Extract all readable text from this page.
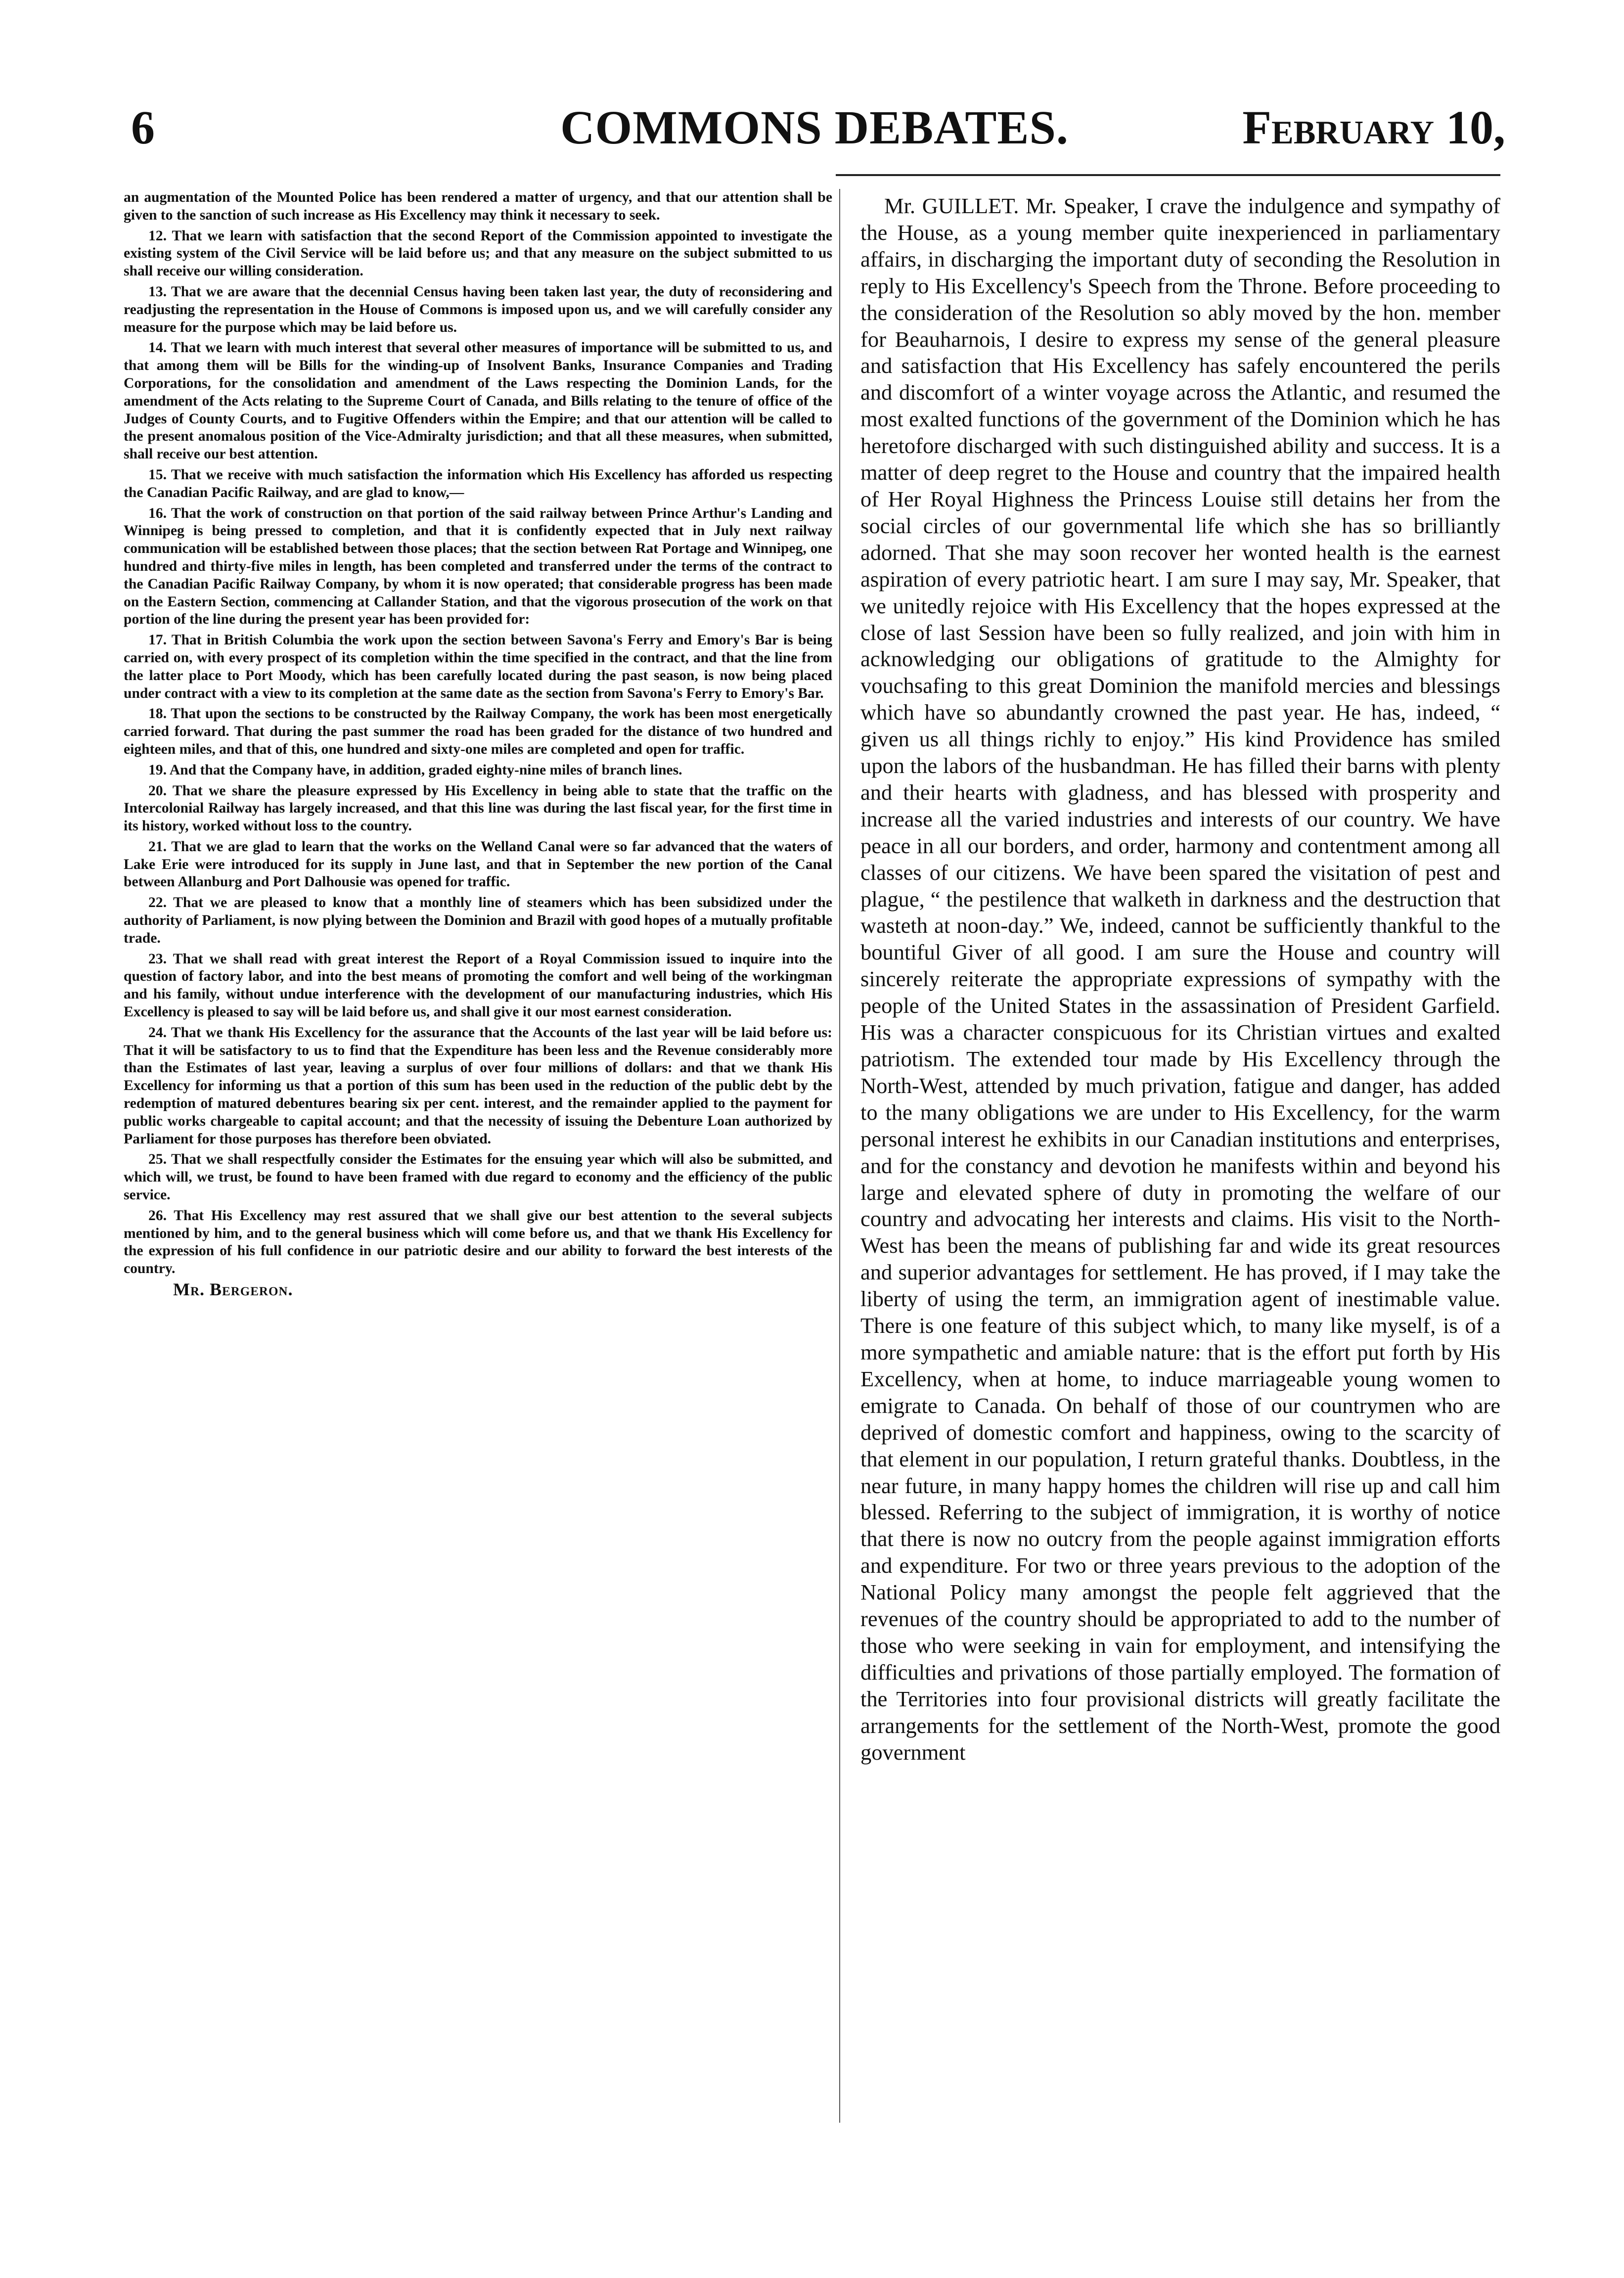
6	COMMONS DEBATES.	February 10,

an augmentation of the Mounted Police has been rendered a matter of urgency, and that our attention shall be given to the sanction of such increase as His Excellency may think it necessary to seek.

12. That we learn with satisfaction that the second Report of the Commission appointed to investigate the existing system of the Civil Service will be laid before us; and that any measure on the subject submitted to us shall receive our willing consideration.

13. That we are aware that the decennial Census having been taken last year, the duty of reconsidering and readjusting the representation in the House of Commons is imposed upon us, and we will carefully consider any measure for the purpose which may be laid before us.

14. That we learn with much interest that several other measures of importance will be submitted to us, and that among them will be Bills for the winding-up of Insolvent Banks, Insurance Companies and Trading Corporations, for the consolidation and amendment of the Laws respecting the Dominion Lands, for the amendment of the Acts relating to the Supreme Court of Canada, and Bills relating to the tenure of office of the Judges of County Courts, and to Fugitive Offenders within the Empire; and that our attention will be called to the present anomalous position of the Vice-Admiralty jurisdiction; and that all these measures, when submitted, shall receive our best attention.

15. That we receive with much satisfaction the information which His Excellency has afforded us respecting the Canadian Pacific Railway, and are glad to know,—

16. That the work of construction on that portion of the said railway between Prince Arthur's Landing and Winnipeg is being pressed to completion, and that it is confidently expected that in July next railway communication will be established between those places; that the section between Rat Portage and Winnipeg, one hundred and thirty-five miles in length, has been completed and transferred under the terms of the contract to the Canadian Pacific Railway Company, by whom it is now operated; that considerable progress has been made on the Eastern Section, commencing at Callander Station, and that the vigorous prosecution of the work on that portion of the line during the present year has been provided for:

17. That in British Columbia the work upon the section between Savona's Ferry and Emory's Bar is being carried on, with every prospect of its completion within the time specified in the contract, and that the line from the latter place to Port Moody, which has been carefully located during the past season, is now being placed under contract with a view to its completion at the same date as the section from Savona's Ferry to Emory's Bar.

18. That upon the sections to be constructed by the Railway Company, the work has been most energetically carried forward. That during the past summer the road has been graded for the distance of two hundred and eighteen miles, and that of this, one hundred and sixty-one miles are completed and open for traffic.

19. And that the Company have, in addition, graded eighty-nine miles of branch lines.

20. That we share the pleasure expressed by His Excellency in being able to state that the traffic on the Intercolonial Railway has largely increased, and that this line was during the last fiscal year, for the first time in its history, worked without loss to the country.

21. That we are glad to learn that the works on the Welland Canal were so far advanced that the waters of Lake Erie were introduced for its supply in June last, and that in September the new portion of the Canal between Allanburg and Port Dalhousie was opened for traffic.

22. That we are pleased to know that a monthly line of steamers which has been subsidized under the authority of Parliament, is now plying between the Dominion and Brazil with good hopes of a mutually profitable trade.

23. That we shall read with great interest the Report of a Royal Commission issued to inquire into the question of factory labor, and into the best means of promoting the comfort and well being of the workingman and his family, without undue interference with the development of our manufacturing industries, which His Excellency is pleased to say will be laid before us, and shall give it our most earnest consideration.

24. That we thank His Excellency for the assurance that the Accounts of the last year will be laid before us: That it will be satisfactory to us to find that the Expenditure has been less and the Revenue considerably more than the Estimates of last year, leaving a surplus of over four millions of dollars: and that we thank His Excellency for informing us that a portion of this sum has been used in the reduction of the public debt by the redemption of matured debentures bearing six per cent. interest, and the remainder applied to the payment for public works chargeable to capital account; and that the necessity of issuing the Debenture Loan authorized by Parliament for those purposes has therefore been obviated.

25. That we shall respectfully consider the Estimates for the ensuing year which will also be submitted, and which will, we trust, be found to have been framed with due regard to economy and the efficiency of the public service.

26. That His Excellency may rest assured that we shall give our best attention to the several subjects mentioned by him, and to the general business which will come before us, and that we thank His Excellency for the expression of his full confidence in our patriotic desire and our ability to forward the best interests of the country.

Mr. Bergeron.

Mr. GUILLET. Mr. Speaker, I crave the indulgence and sympathy of the House, as a young member quite inexperienced in parliamentary affairs, in discharging the important duty of seconding the Resolution in reply to His Excellency's Speech from the Throne. Before proceeding to the consideration of the Resolution so ably moved by the hon. member for Beauharnois, I desire to express my sense of the general pleasure and satisfaction that His Excellency has safely encountered the perils and discomfort of a winter voyage across the Atlantic, and resumed the most exalted functions of the government of the Dominion which he has heretofore discharged with such distinguished ability and success. It is a matter of deep regret to the House and country that the impaired health of Her Royal Highness the Princess Louise still detains her from the social circles of our governmental life which she has so brilliantly adorned. That she may soon recover her wonted health is the earnest aspiration of every patriotic heart. I am sure I may say, Mr. Speaker, that we unitedly rejoice with His Excellency that the hopes expressed at the close of last Session have been so fully realized, and join with him in acknowledging our obligations of gratitude to the Almighty for vouchsafing to this great Dominion the manifold mercies and blessings which have so abundantly crowned the past year. He has, indeed, “ given us all things richly to enjoy.” His kind Providence has smiled upon the labors of the husbandman. He has filled their barns with plenty and their hearts with gladness, and has blessed with prosperity and increase all the varied industries and interests of our country. We have peace in all our borders, and order, harmony and contentment among all classes of our citizens. We have been spared the visitation of pest and plague, “ the pestilence that walketh in darkness and the destruction that wasteth at noon-day.” We, indeed, cannot be sufficiently thankful to the bountiful Giver of all good. I am sure the House and country will sincerely reiterate the appropriate expressions of sympathy with the people of the United States in the assassination of President Garfield. His was a character conspicuous for its Christian virtues and exalted patriotism. The extended tour made by His Excellency through the North-West, attended by much privation, fatigue and danger, has added to the many obligations we are under to His Excellency, for the warm personal interest he exhibits in our Canadian institutions and enterprises, and for the constancy and devotion he manifests within and beyond his large and elevated sphere of duty in promoting the welfare of our country and advocating her interests and claims. His visit to the North-West has been the means of publishing far and wide its great resources and superior advantages for settlement. He has proved, if I may take the liberty of using the term, an immigration agent of inestimable value. There is one feature of this subject which, to many like myself, is of a more sympathetic and amiable nature: that is the effort put forth by His Excellency, when at home, to induce marriageable young women to emigrate to Canada. On behalf of those of our countrymen who are deprived of domestic comfort and happiness, owing to the scarcity of that element in our population, I return grateful thanks. Doubtless, in the near future, in many happy homes the children will rise up and call him blessed. Referring to the subject of immigration, it is worthy of notice that there is now no outcry from the people against immigration efforts and expenditure. For two or three years previous to the adoption of the National Policy many amongst the people felt aggrieved that the revenues of the country should be appropriated to add to the number of those who were seeking in vain for employment, and intensifying the difficulties and privations of those partially employed. The formation of the Territories into four provisional districts will greatly facilitate the arrangements for the settlement of the North-West, promote the good government
